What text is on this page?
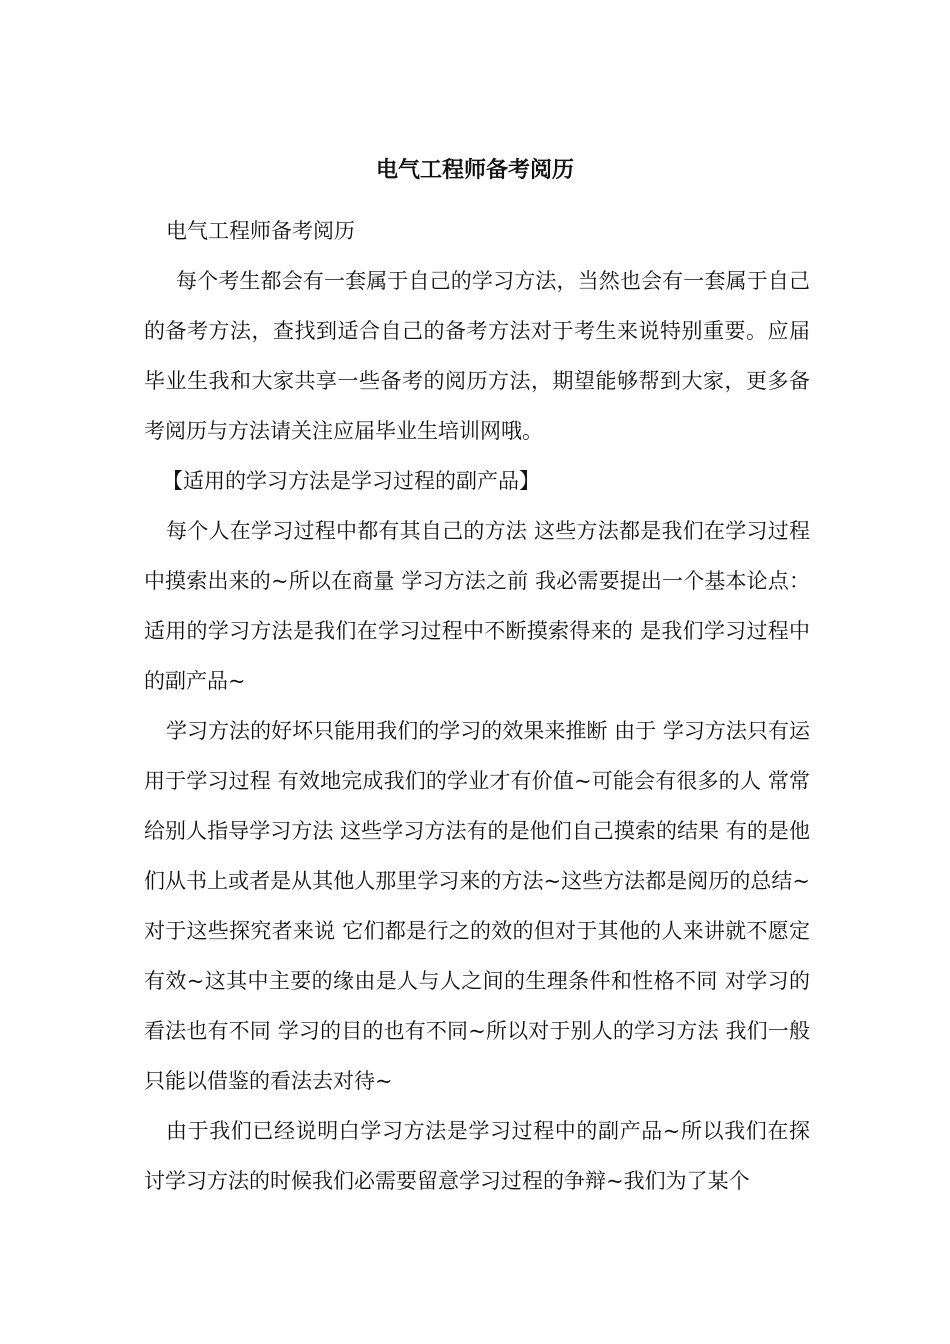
电气工程师备考阅历

电气工程师备考阅历

每个考生都会有一套属于自己的学习方法，当然也会有一套属于自己的备考方法，查找到适合自己的备考方法对于考生来说特别重要。应届毕业生我和大家共享一些备考的阅历方法，期望能够帮到大家，更多备考阅历与方法请关注应届毕业生培训网哦。

【适用的学习方法是学习过程的副产品】

每个人在学习过程中都有其自己的方法 这些方法都是我们在学习过程中摸索出来的~所以在商量 学习方法之前 我必需要提出一个基本论点：适用的学习方法是我们在学习过程中不断摸索得来的 是我们学习过程中的副产品~

学习方法的好坏只能用我们的学习的效果来推断 由于 学习方法只有运用于学习过程 有效地完成我们的学业才有价值~可能会有很多的人 常常给别人指导学习方法 这些学习方法有的是他们自己摸索的结果 有的是他们从书上或者是从其他人那里学习来的方法~这些方法都是阅历的总结~对于这些探究者来说 它们都是行之的效的但对于其他的人来讲就不愿定有效~这其中主要的缘由是人与人之间的生理条件和性格不同 对学习的看法也有不同 学习的目的也有不同~所以对于别人的学习方法 我们一般只能以借鉴的看法去对待~

由于我们已经说明白学习方法是学习过程中的副产品~所以我们在探讨学习方法的时候我们必需要留意学习过程的争辩~我们为了某个
